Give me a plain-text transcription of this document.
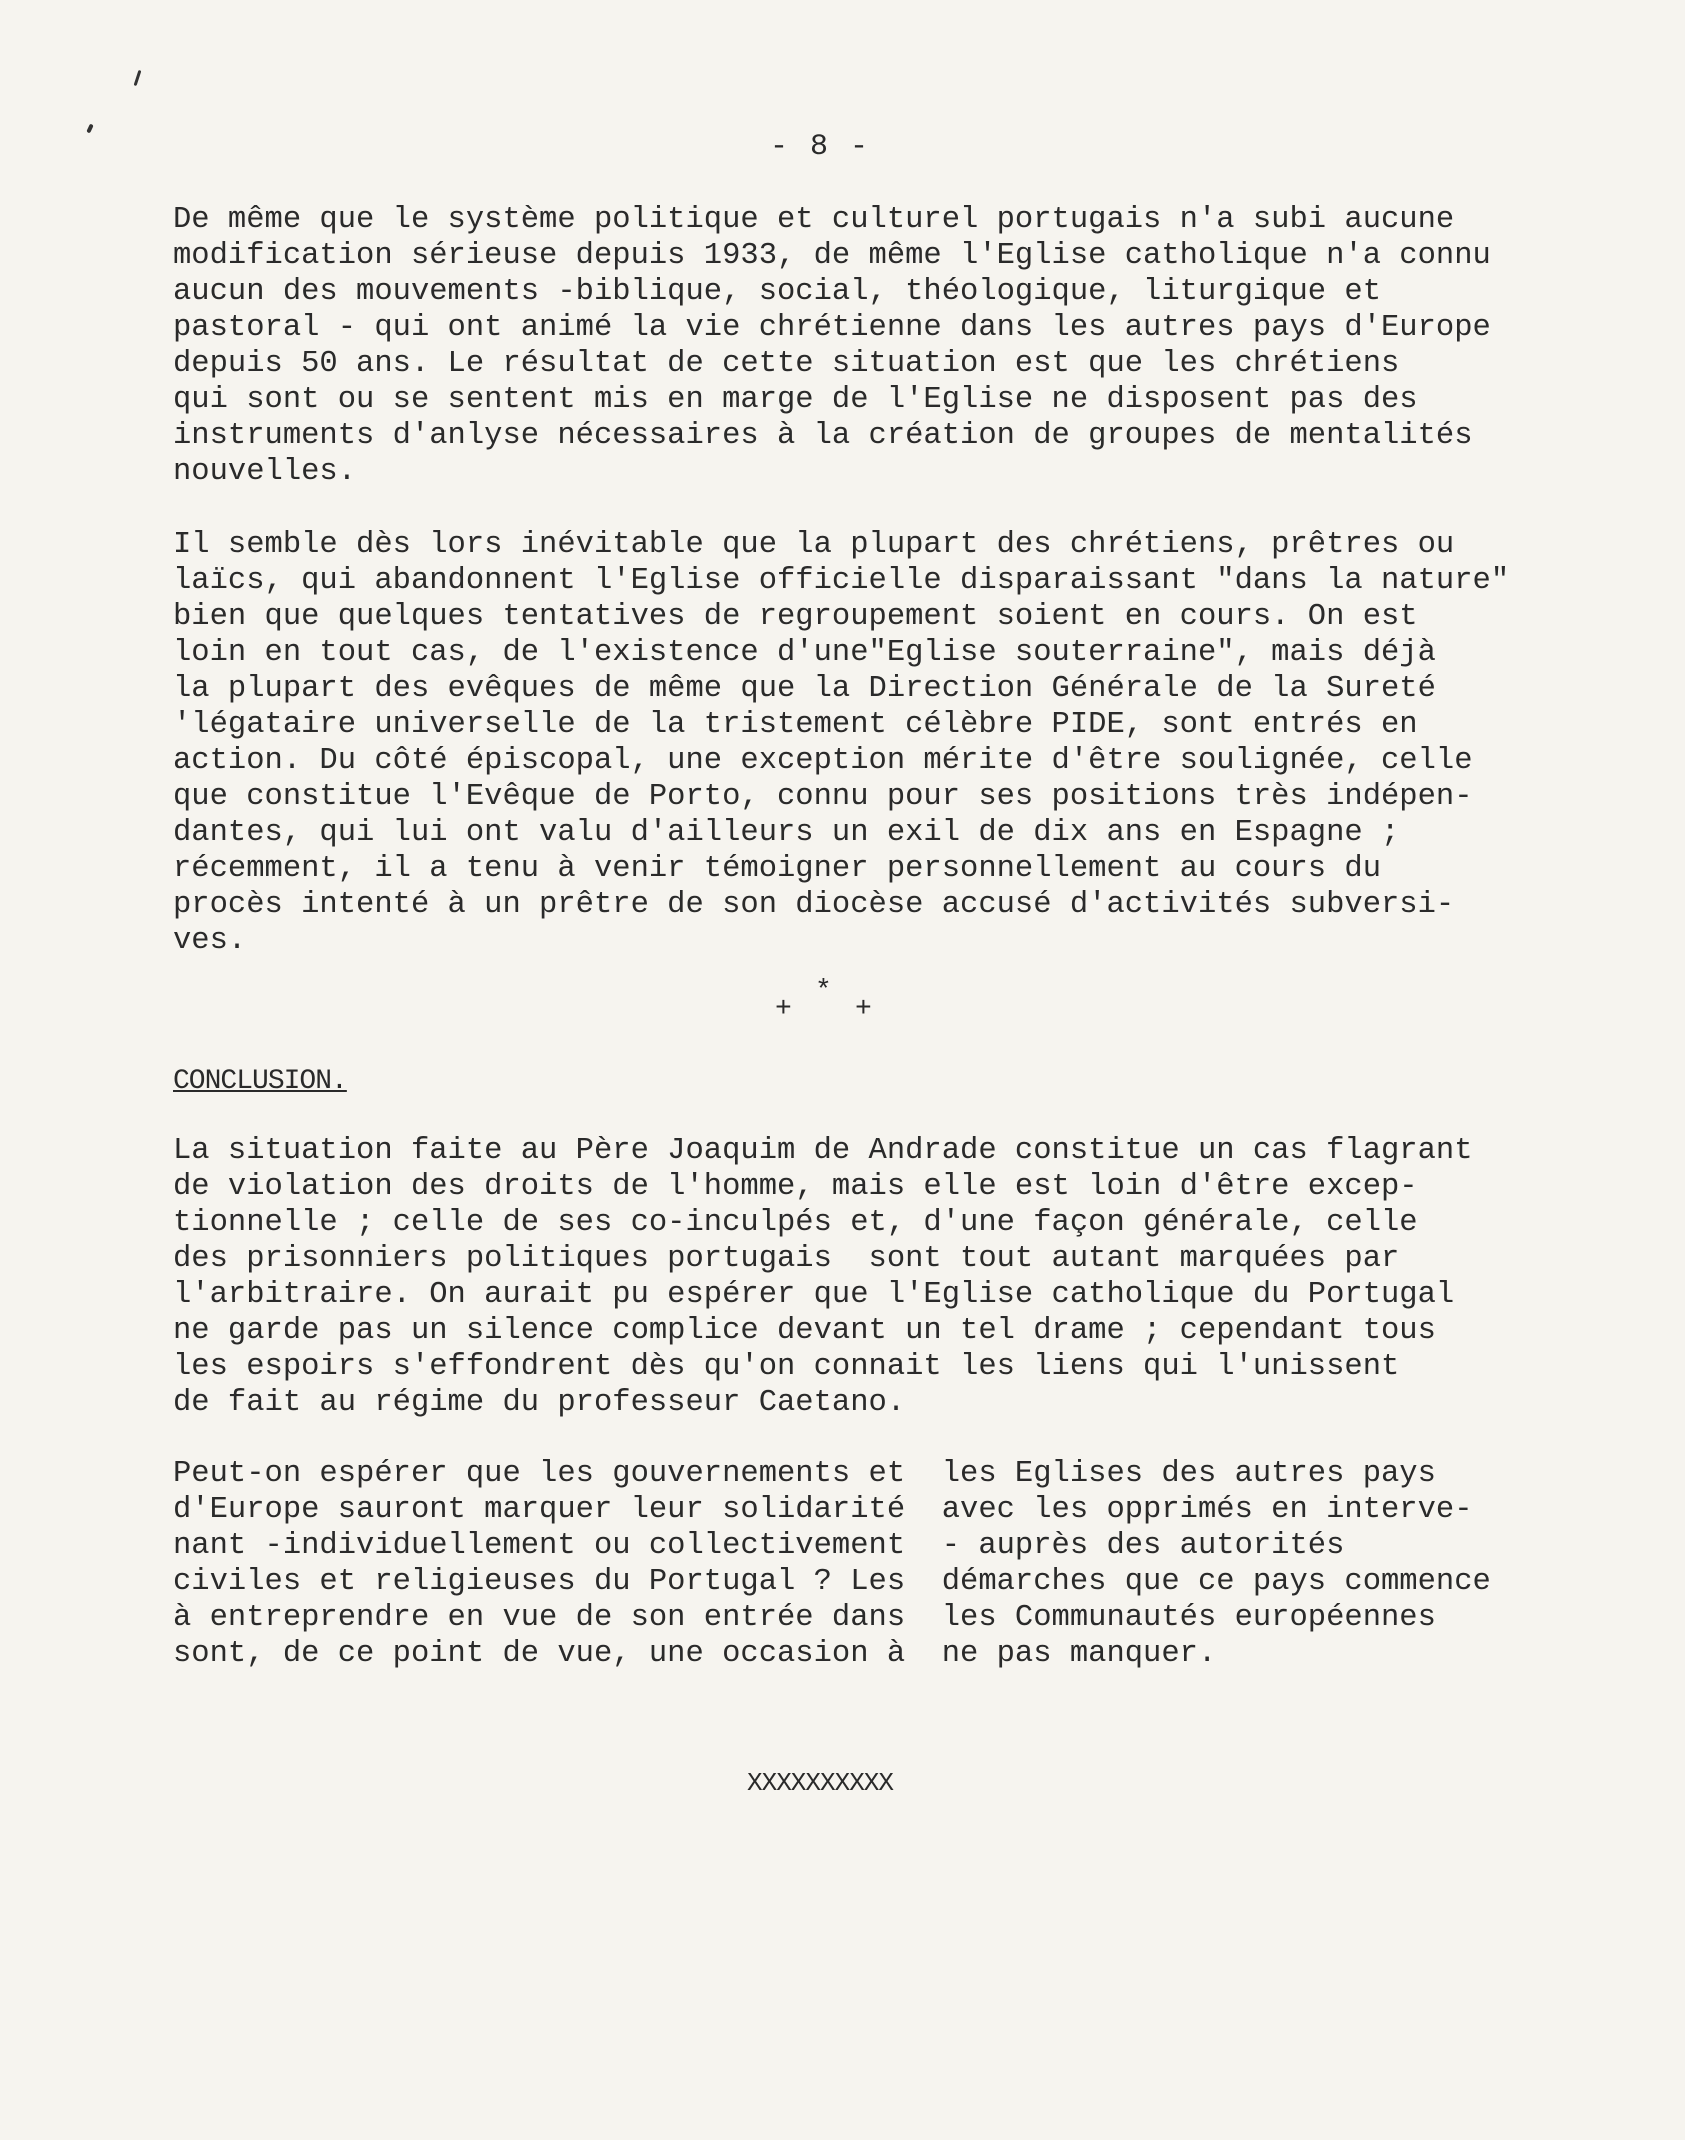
- 8 -
De même que le système politique et culturel portugais n'a subi aucune
modification sérieuse depuis 1933, de même l'Eglise catholique n'a connu
aucun des mouvements -biblique, social, théologique, liturgique et
pastoral - qui ont animé la vie chrétienne dans les autres pays d'Europe
depuis 50 ans. Le résultat de cette situation est que les chrétiens
qui sont ou se sentent mis en marge de l'Eglise ne disposent pas des
instruments d'anlyse nécessaires à la création de groupes de mentalités
nouvelles.
Il semble dès lors inévitable que la plupart des chrétiens, prêtres ou
laïcs, qui abandonnent l'Eglise officielle disparaissant "dans la nature"
bien que quelques tentatives de regroupement soient en cours. On est
loin en tout cas, de l'existence d'une"Eglise souterraine", mais déjà
la plupart des evêques de même que la Direction Générale de la Sureté
'légataire universelle de la tristement célèbre PIDE, sont entrés en
action. Du côté épiscopal, une exception mérite d'être soulignée, celle
que constitue l'Evêque de Porto, connu pour ses positions très indépen-
dantes, qui lui ont valu d'ailleurs un exil de dix ans en Espagne ;
récemment, il a tenu à venir témoigner personnellement au cours du
procès intenté à un prêtre de son diocèse accusé d'activités subversi-
ves.
+
*
+
CONCLUSION.
La situation faite au Père Joaquim de Andrade constitue un cas flagrant
de violation des droits de l'homme, mais elle est loin d'être excep-
tionnelle ; celle de ses co-inculpés et, d'une façon générale, celle
des prisonniers politiques portugais  sont tout autant marquées par
l'arbitraire. On aurait pu espérer que l'Eglise catholique du Portugal
ne garde pas un silence complice devant un tel drame ; cependant tous
les espoirs s'effondrent dès qu'on connait les liens qui l'unissent
de fait au régime du professeur Caetano.
Peut-on espérer que les gouvernements et  les Eglises des autres pays
d'Europe sauront marquer leur solidarité  avec les opprimés en interve-
nant -individuellement ou collectivement  - auprès des autorités
civiles et religieuses du Portugal ? Les  démarches que ce pays commence
à entreprendre en vue de son entrée dans  les Communautés européennes
sont, de ce point de vue, une occasion à  ne pas manquer.
XXXXXXXXXX
